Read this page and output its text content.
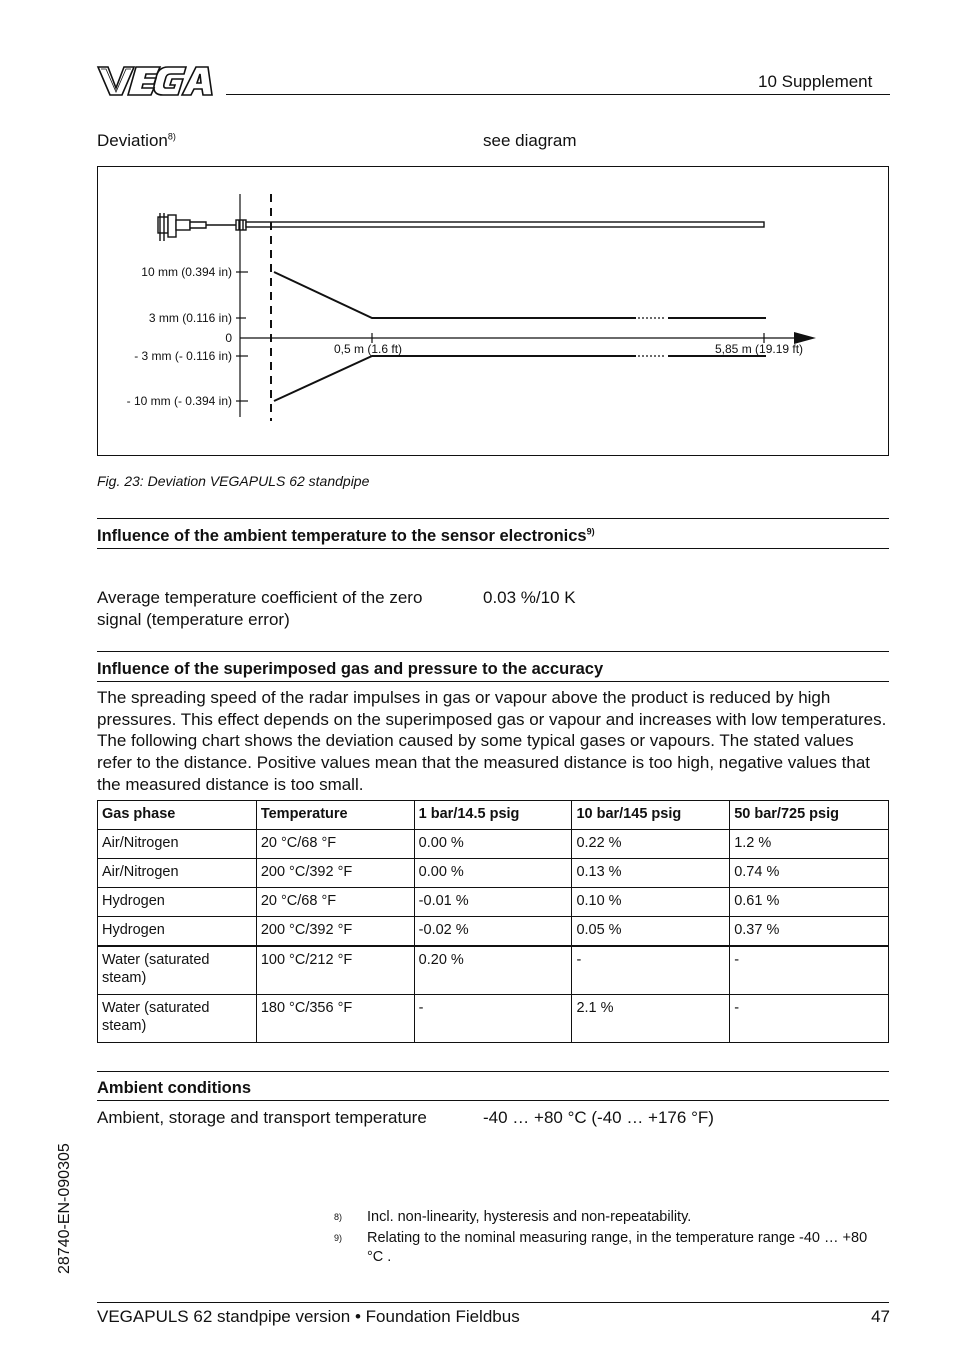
VEGA
10 Supplement
Deviation$^{8)}$	see diagram
10 mm (0.394 in)
3 mm (0.116 in)
0
- 3 mm (- 0.116 in)
- 10 mm (- 0.394 in)
0,5 m (1.6 ft)	5,85 m (19.19 ft)
Fig. 23: Deviation VEGAPULS 62 standpipe
Influence of the ambient temperature to the sensor electronics$^{9)}$
Average temperature coefficient of the zero signal (temperature error)
0.03 %/10 K
Influence of the superimposed gas and pressure to the accuracy
The spreading speed of the radar impulses in gas or vapour above the product is reduced by high pressures. This effect depends on the superimposed gas or vapour and increases with low temperatures. The following chart shows the deviation caused by some typical gases or vapours. The stated values refer to the distance. Positive values mean that the measured distance is too high, negative values that the measured distance is too small.
Gas phase	Temperature	1 bar/14.5 psig	10 bar/145 psig	50 bar/725 psig
Air/Nitrogen	20 °C/68 °F	0.00 %	0.22 %	1.2 %
Air/Nitrogen	200 °C/392 °F	0.00 %	0.13 %	0.74 %
Hydrogen	20 °C/68 °F	-0.01 %	0.10 %	0.61 %
Hydrogen	200 °C/392 °F	-0.02 %	0.05 %	0.37 %
Water (saturated steam)	100 °C/212 °F	0.20 %	-	-
Water (saturated steam)	180 °C/356 °F	-	2.1 %	-
Ambient conditions
Ambient, storage and transport temperature	-40 … +80 °C (-40 … +176 °F)
8) Incl. non-linearity, hysteresis and non-repeatability.
9) Relating to the nominal measuring range, in the temperature range -40 … +80 °C .
28740-EN-090305
VEGAPULS 62 standpipe version • Foundation Fieldbus	47
